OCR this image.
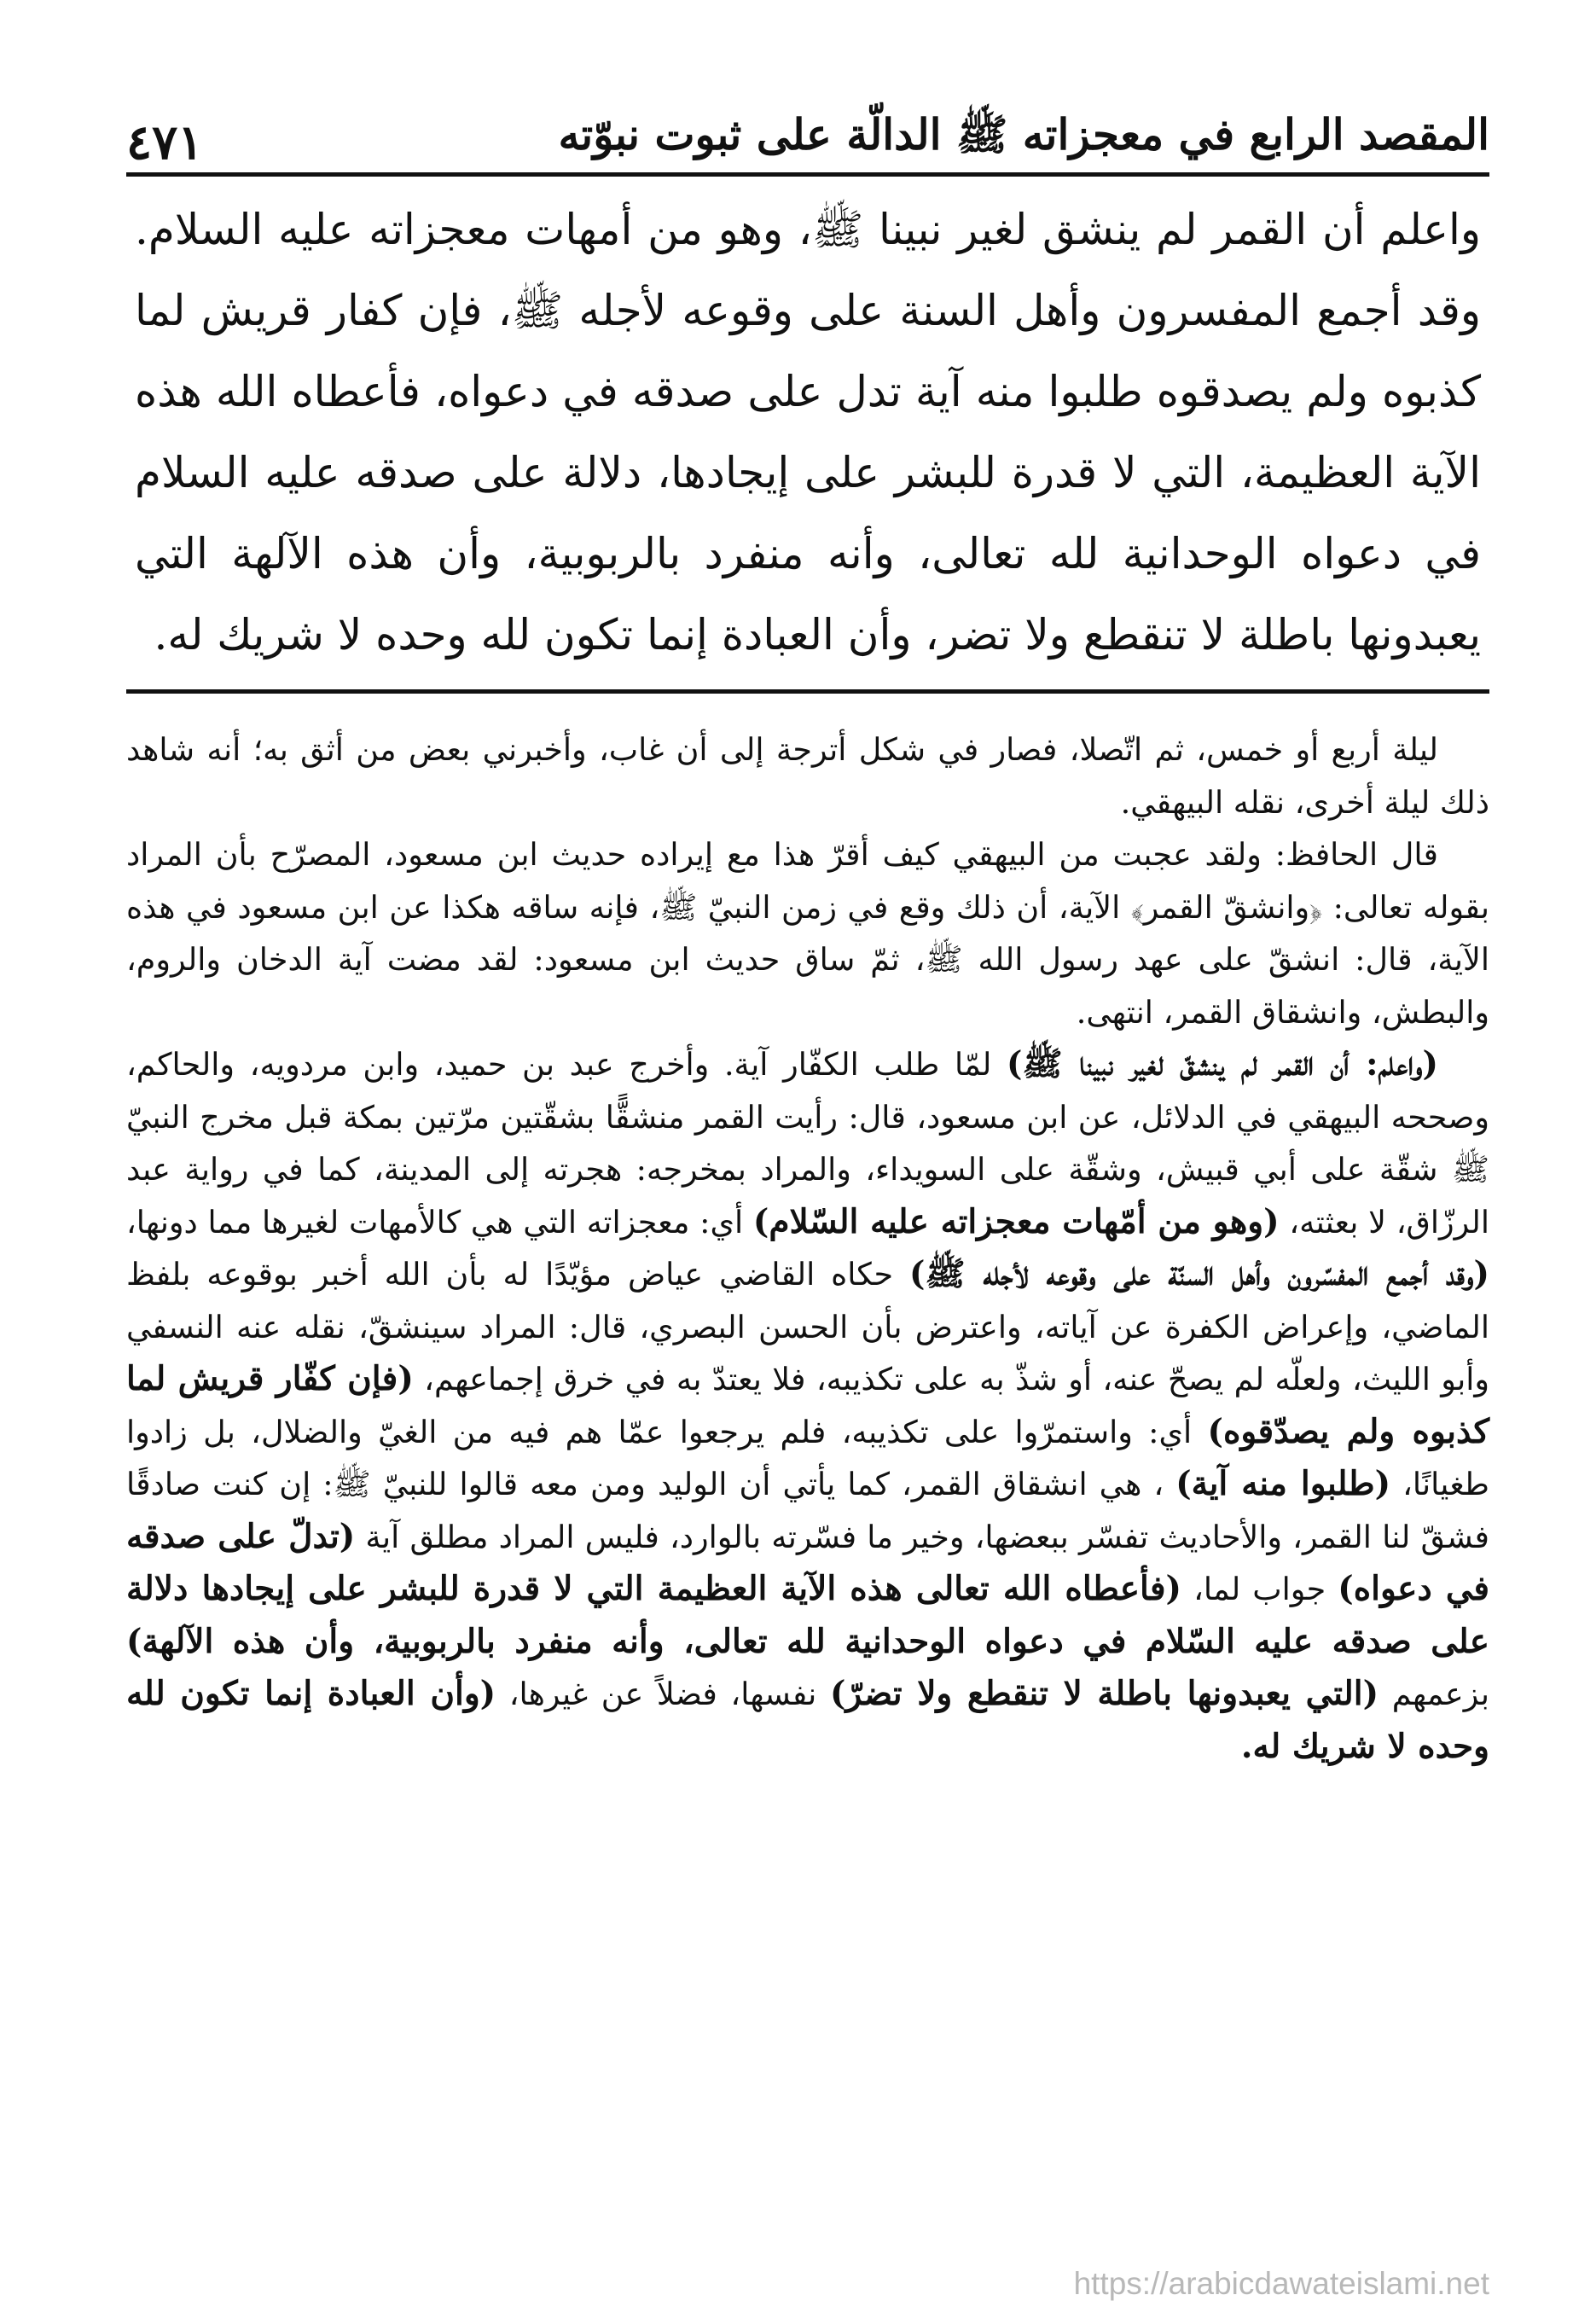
المقصد الرابع في معجزاته ﷺ الدالّة على ثبوت نبوّته
٤٧١
واعلم أن القمر لم ينشق لغير نبينا ﷺ، وهو من أمهات معجزاته عليه السلام. وقد أجمع المفسرون وأهل السنة على وقوعه لأجله ﷺ، فإن كفار قريش لما كذبوه ولم يصدقوه طلبوا منه آية تدل على صدقه في دعواه، فأعطاه الله هذه الآية العظيمة، التي لا قدرة للبشر على إيجادها، دلالة على صدقه عليه السلام في دعواه الوحدانية لله تعالى، وأنه منفرد بالربوبية، وأن هذه الآلهة التي يعبدونها باطلة لا تنقطع ولا تضر، وأن العبادة إنما تكون لله وحده لا شريك له.

ليلة أربع أو خمس، ثم اتّصلا، فصار في شكل أترجة إلى أن غاب، وأخبرني بعض من أثق به؛ أنه شاهد ذلك ليلة أخرى، نقله البيهقي.

قال الحافظ: ولقد عجبت من البيهقي كيف أقرّ هذا مع إيراده حديث ابن مسعود، المصرّح بأن المراد بقوله تعالى: ﴿وانشقّ القمر﴾ الآية، أن ذلك وقع في زمن النبيّ ﷺ، فإنه ساقه هكذا عن ابن مسعود في هذه الآية، قال: انشقّ على عهد رسول الله ﷺ، ثمّ ساق حديث ابن مسعود: لقد مضت آية الدخان والروم، والبطش، وانشقاق القمر، انتهى.

(واعلم: أن القمر لم ينشقّ لغير نبينا ﷺ) لمّا طلب الكفّار آية. وأخرج عبد بن حميد، وابن مردويه، والحاكم، وصححه البيهقي في الدلائل، عن ابن مسعود، قال: رأيت القمر منشقًّا بشقّتين مرّتين بمكة قبل مخرج النبيّ ﷺ شقّة على أبي قبيش، وشقّة على السويداء، والمراد بمخرجه: هجرته إلى المدينة، كما في رواية عبد الرزّاق، لا بعثته، (وهو من أمّهات معجزاته عليه السّلام) أي: معجزاته التي هي كالأمهات لغيرها مما دونها، (وقد أجمع المفسّرون وأهل السنّة على وقوعه لأجله ﷺ) حكاه القاضي عياض مؤيّدًا له بأن الله أخبر بوقوعه بلفظ الماضي، وإعراض الكفرة عن آياته، واعترض بأن الحسن البصري، قال: المراد سينشقّ، نقله عنه النسفي وأبو الليث، ولعلّه لم يصحّ عنه، أو شذّ به على تكذيبه، فلا يعتدّ به في خرق إجماعهم، (فإن كفّار قريش لما كذبوه ولم يصدّقوه) أي: واستمرّوا على تكذيبه، فلم يرجعوا عمّا هم فيه من الغيّ والضلال، بل زادوا طغيانًا، (طلبوا منه آية) ، هي انشقاق القمر، كما يأتي أن الوليد ومن معه قالوا للنبيّ ﷺ: إن كنت صادقًا فشقّ لنا القمر، والأحاديث تفسّر ببعضها، وخير ما فسّرته بالوارد، فليس المراد مطلق آية (تدلّ على صدقه في دعواه) جواب لما، (فأعطاه الله تعالى هذه الآية العظيمة التي لا قدرة للبشر على إيجادها دلالة على صدقه عليه السّلام في دعواه الوحدانية لله تعالى، وأنه منفرد بالربوبية، وأن هذه الآلهة) بزعمهم (التي يعبدونها باطلة لا تنقطع ولا تضرّ) نفسها، فضلاً عن غيرها، (وأن العبادة إنما تكون لله وحده لا شريك له.

https://arabicdawateislami.net
